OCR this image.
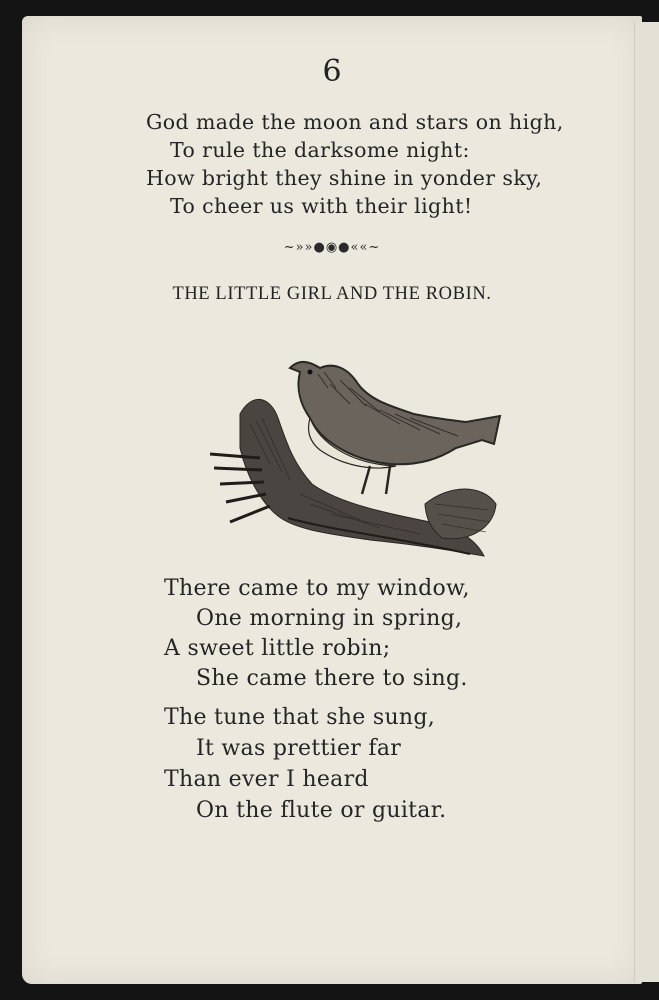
6
God made the moon and stars on high,
To rule the darksome night:
How bright they shine in yonder sky,
To cheer us with their light!
~»»●◉●««~
THE LITTLE GIRL AND THE ROBIN.
There came to my window,
One morning in spring,
A sweet little robin;
She came there to sing.
The tune that she sung,
It was prettier far
Than ever I heard
On the flute or guitar.
